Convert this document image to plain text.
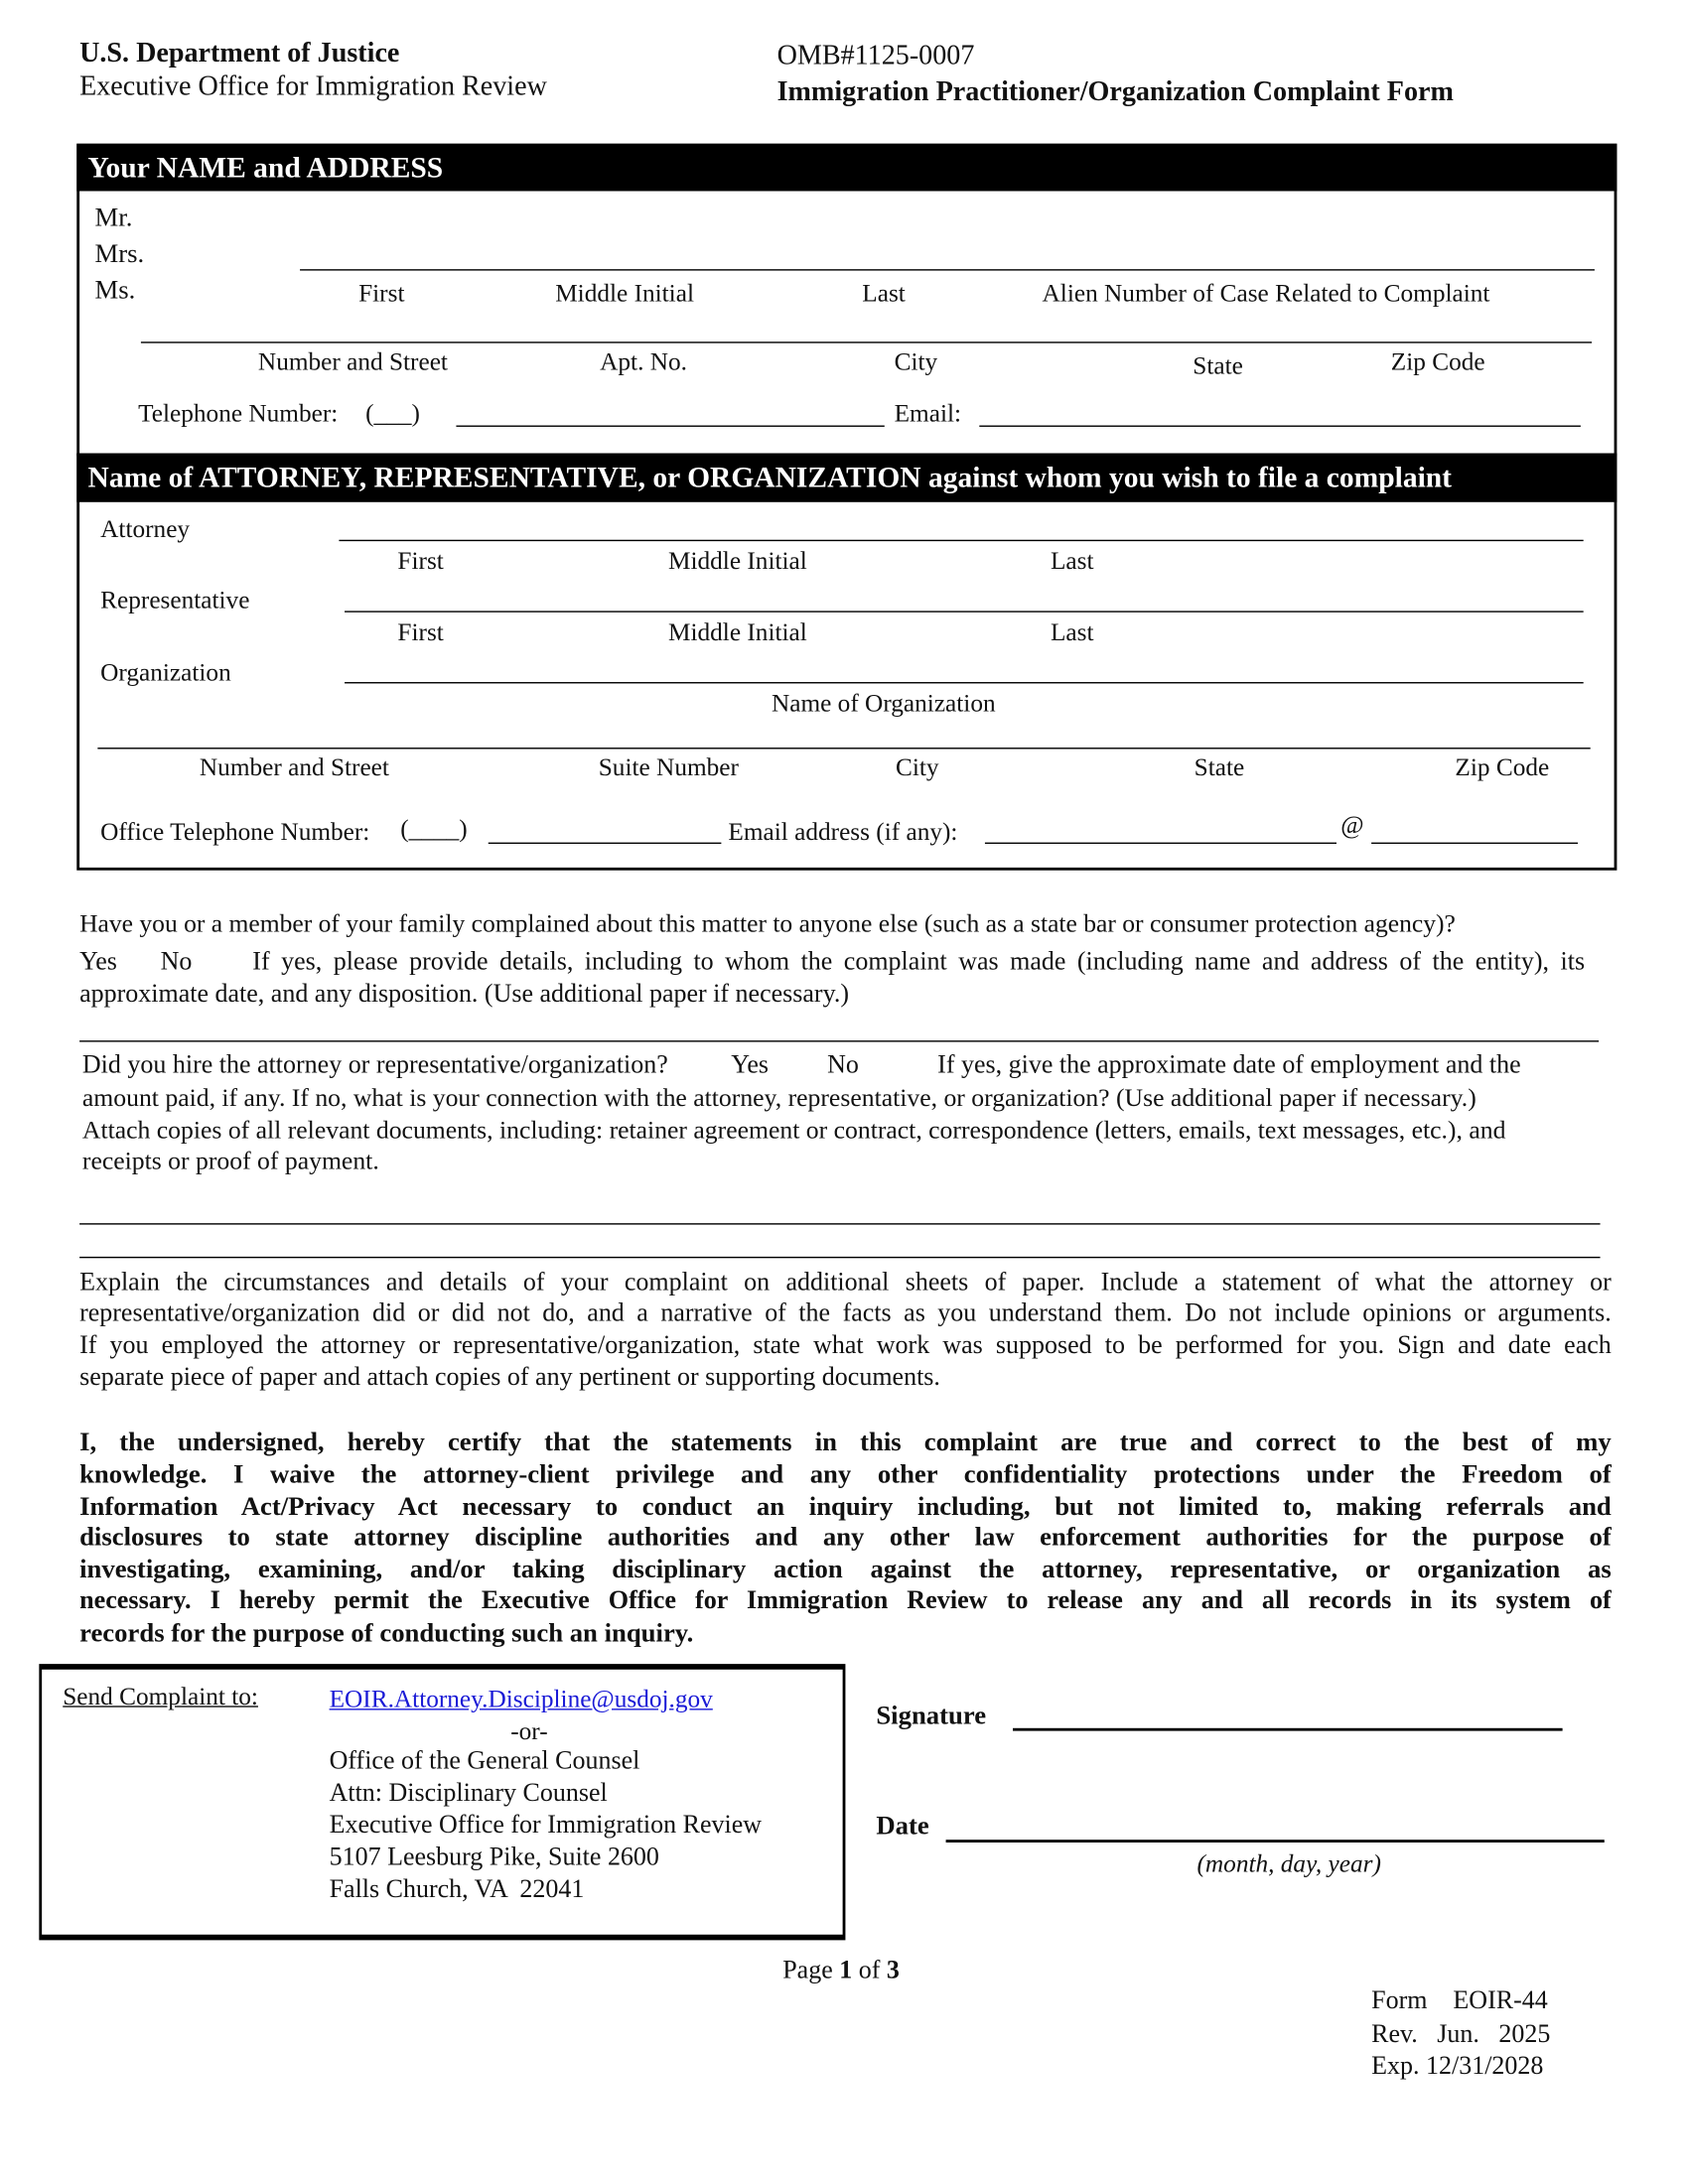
U.S. Department of Justice
Executive Office for Immigration Review
OMB#1125-0007
Immigration Practitioner/Organization Complaint Form
Your NAME and ADDRESS
Mr.
Mrs.
Ms.	First	Middle Initial	Last	Alien Number of Case Related to Complaint
Number and Street	Apt. No.	City	State	Zip Code
Telephone Number: (___)	Email:
Name of ATTORNEY, REPRESENTATIVE, or ORGANIZATION against whom you wish to file a complaint
Attorney
First	Middle Initial	Last
Representative
First	Middle Initial	Last
Organization
Name of Organization
Number and Street	Suite Number	City	State	Zip Code
Office Telephone Number: (____)	Email address (if any):	@
Have you or a member of your family complained about this matter to anyone else (such as a state bar or consumer protection agency)?
Yes No	If yes, please provide details, including to whom the complaint was made (including name and address of the entity), its
approximate date, and any disposition. (Use additional paper if necessary.)
Did you hire the attorney or representative/organization?	Yes	No	If yes, give the approximate date of employment and the
amount paid, if any. If no, what is your connection with the attorney, representative, or organization? (Use additional paper if necessary.)
Attach copies of all relevant documents, including: retainer agreement or contract, correspondence (letters, emails, text messages, etc.), and
receipts or proof of payment.
Explain the circumstances and details of your complaint on additional sheets of paper. Include a statement of what the attorney or
representative/organization did or did not do, and a narrative of the facts as you understand them. Do not include opinions or arguments.
If you employed the attorney or representative/organization, state what work was supposed to be performed for you. Sign and date each
separate piece of paper and attach copies of any pertinent or supporting documents.
I, the undersigned, hereby certify that the statements in this complaint are true and correct to the best of my
knowledge. I waive the attorney-client privilege and any other confidentiality protections under the Freedom of
Information Act/Privacy Act necessary to conduct an inquiry including, but not limited to, making referrals and
disclosures to state attorney discipline authorities and any other law enforcement authorities for the purpose of
investigating, examining, and/or taking disciplinary action against the attorney, representative, or organization as
necessary. I hereby permit the Executive Office for Immigration Review to release any and all records in its system of
records for the purpose of conducting such an inquiry.
Send Complaint to:	EOIR.Attorney.Discipline@usdoj.gov
-or-
Office of the General Counsel
Attn: Disciplinary Counsel
Executive Office for Immigration Review
5107 Leesburg Pike, Suite 2600
Falls Church, VA  22041
Signature
Date
(month, day, year)
Page 1 of 3
Form    EOIR-44
Rev.   Jun.   2025
Exp. 12/31/2028
